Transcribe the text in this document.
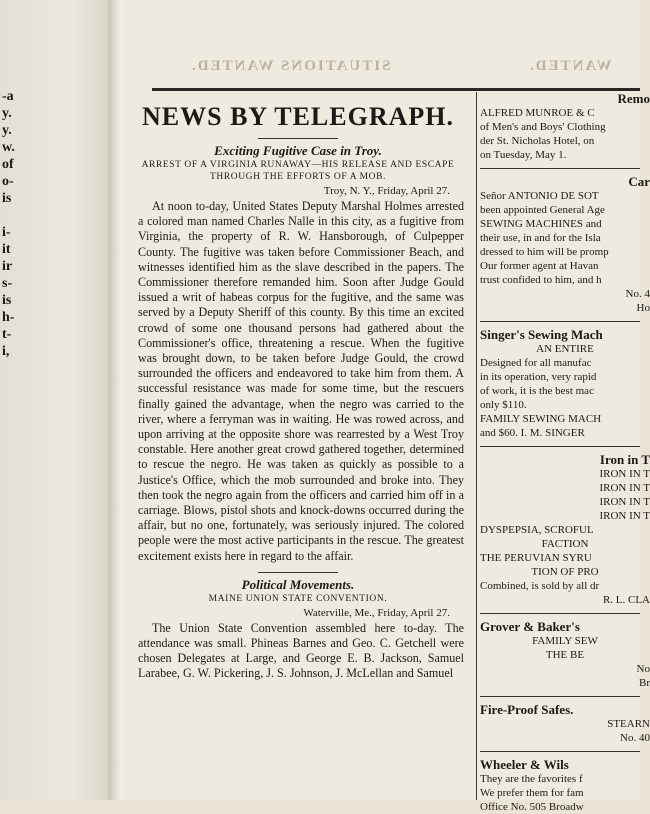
-a
y.
y.
w.
of
o-
is

i-
it
ir
s-
is
h-
t-
i,
SITUATIONS WANTED.	WANTED.
NEWS BY TELEGRAPH.
Exciting Fugitive Case in Troy.
ARREST OF A VIRGINIA RUNAWAY—HIS RELEASE AND ESCAPE THROUGH THE EFFORTS OF A MOB.
Troy, N. Y., Friday, April 27.

At noon to-day, United States Deputy Marshal Holmes arrested a colored man named Charles Nalle in this city, as a fugitive from Virginia, the property of R. W. Hansborough, of Culpepper County. The fugitive was taken before Commissioner Beach, and witnesses identified him as the slave described in the papers. The Commissioner therefore remanded him. Soon after Judge Gould issued a writ of habeas corpus for the fugitive, and the same was served by a Deputy Sheriff of this county. By this time an excited crowd of some one thousand persons had gathered about the Commissioner's office, threatening a rescue. When the fugitive was brought down, to be taken before Judge Gould, the crowd surrounded the officers and endeavored to take him from them. A successful resistance was made for some time, but the rescuers finally gained the advantage, when the negro was carried to the river, where a ferryman was in waiting. He was rowed across, and upon arriving at the opposite shore was rearrested by a West Troy constable. Here another great crowd gathered together, determined to rescue the negro. He was taken as quickly as possible to a Justice's Office, which the mob surrounded and broke into. They then took the negro again from the officers and carried him off in a carriage. Blows, pistol shots and knock-downs occurred during the affair, but no one, fortunately, was seriously injured. The colored people were the most active participants in the rescue. The greatest excitement exists here in regard to the affair.

Political Movements.
MAINE UNION STATE CONVENTION.
Waterville, Me., Friday, April 27.

The Union State Convention assembled here to-day. The attendance was small. Phineas Barnes and Geo. C. Getchell were chosen Delegates at Large, and George E. B. Jackson, Samuel Larabee, G. W. Pickering, J. S. Johnson, J. McLellan and Samuel

Remo
ALFRED MUNROE & C
of Men's and Boys' Clothing
der St. Nicholas Hotel, on
on Tuesday, May 1.
Car
Señor ANTONIO DE SOT
been appointed General Age
SEWING MACHINES and
their use, in and for the Isla
dressed to him will be promp
Our former agent at Havan
trust confided to him, and h
No. 4
Ho
Singer's Sewing Mach
AN ENTIRE
Designed for all manufac
in its operation, very rapid
of work, it is the best mac
only $110.
FAMILY SEWING MACH
and $60. I. M. SINGER
Iron in T
IRON IN T
IRON IN T
IRON IN T
IRON IN T
DYSPEPSIA, SCROFUL
FACTION
THE PERUVIAN SYRU
TION OF PRO
Combined, is sold by all dr
R. L. CLA
Grover & Baker's
FAMILY SEW
THE BE
No
Br
Fire-Proof Safes.
STEARN
No. 40
Wheeler & Wils
They are the favorites f
We prefer them for fam
Office No. 505 Broadw
